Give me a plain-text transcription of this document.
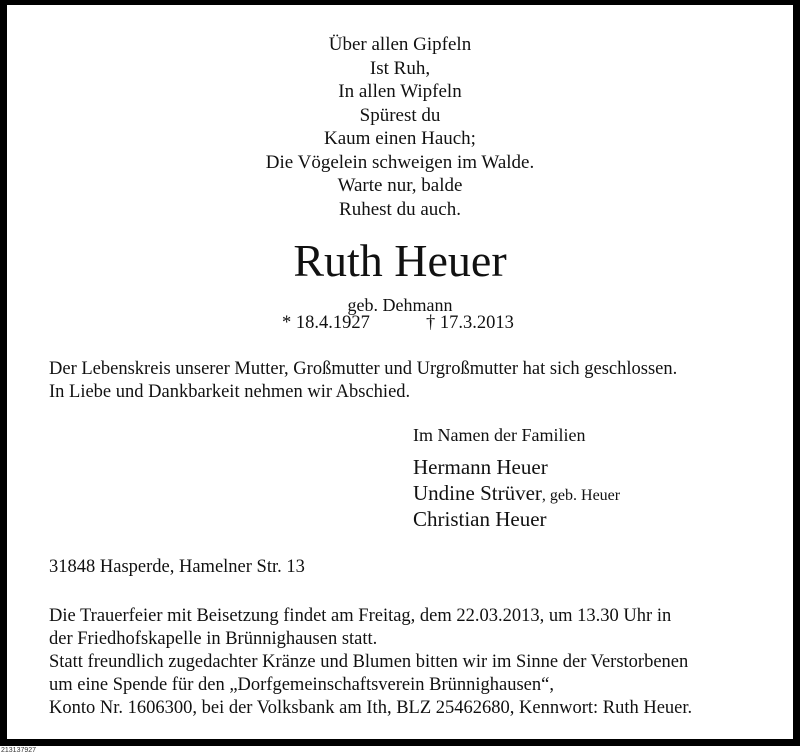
Über allen Gipfeln
Ist Ruh,
In allen Wipfeln
Spürest du
Kaum einen Hauch;
Die Vögelein schweigen im Walde.
Warte nur, balde
Ruhest du auch.
Ruth Heuer
geb. Dehmann
* 18.4.1927	† 17.3.2013
Der Lebenskreis unserer Mutter, Großmutter und Urgroßmutter hat sich geschlossen.
In Liebe und Dankbarkeit nehmen wir Abschied.
Im Namen der Familien
Hermann Heuer
Undine Strüver, geb. Heuer
Christian Heuer
31848 Hasperde, Hamelner Str. 13
Die Trauerfeier mit Beisetzung findet am Freitag, dem 22.03.2013, um 13.30 Uhr in
der Friedhofskapelle in Brünnighausen statt.
Statt freundlich zugedachter Kränze und Blumen bitten wir im Sinne der Verstorbenen
um eine Spende für den „Dorfgemeinschaftsverein Brünnighausen“,
Konto Nr. 1606300, bei der Volksbank am Ith, BLZ 25462680, Kennwort: Ruth Heuer.
213137927
